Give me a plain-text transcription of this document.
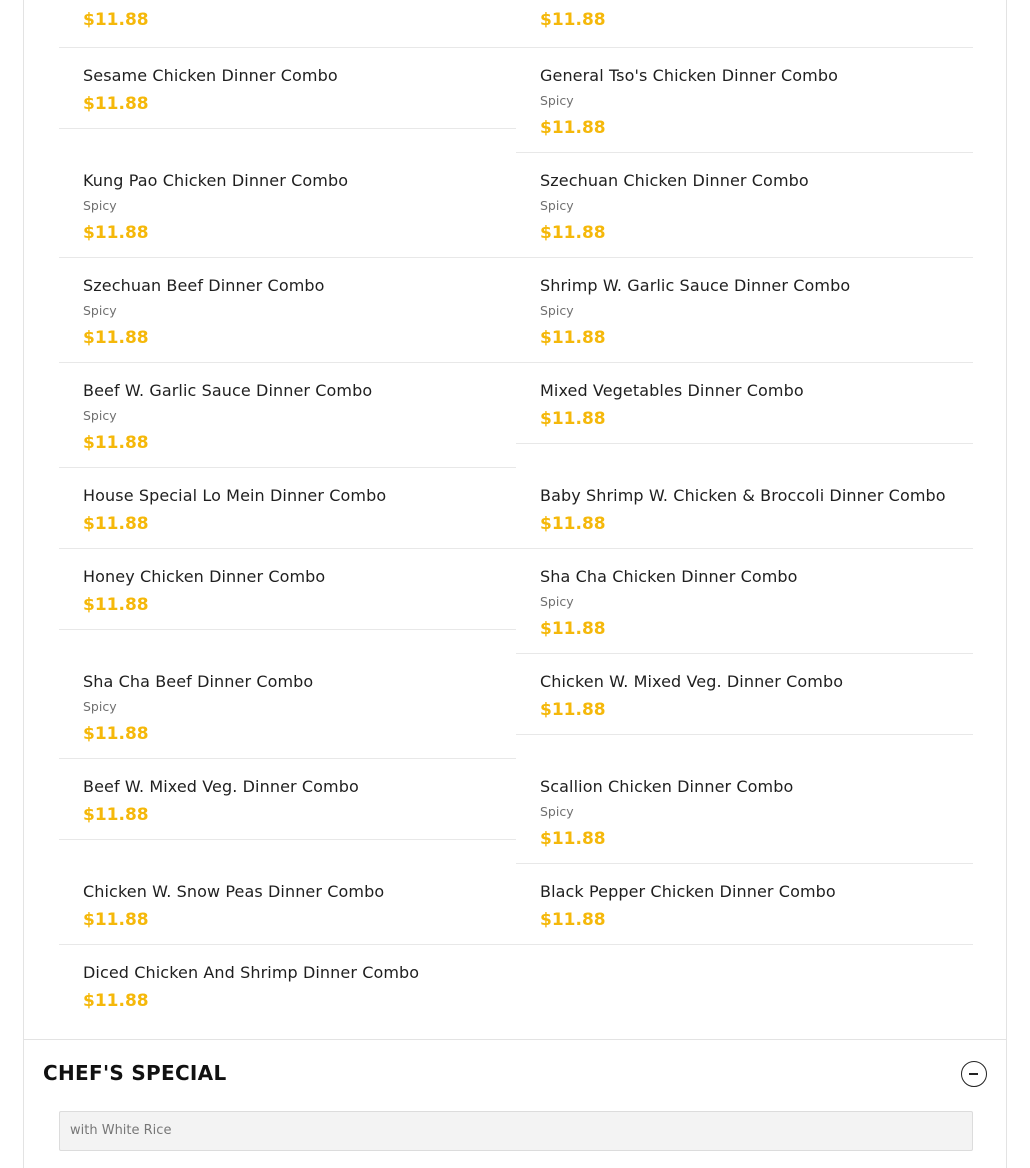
$11.88	$11.88
Sesame Chicken Dinner Combo
$11.88
General Tso's Chicken Dinner Combo
Spicy
$11.88
Kung Pao Chicken Dinner Combo
Spicy
$11.88
Szechuan Chicken Dinner Combo
Spicy
$11.88
Szechuan Beef Dinner Combo
Spicy
$11.88
Shrimp W. Garlic Sauce Dinner Combo
Spicy
$11.88
Beef W. Garlic Sauce Dinner Combo
Spicy
$11.88
Mixed Vegetables Dinner Combo
$11.88
House Special Lo Mein Dinner Combo
$11.88
Baby Shrimp W. Chicken & Broccoli Dinner Combo
$11.88
Honey Chicken Dinner Combo
$11.88
Sha Cha Chicken Dinner Combo
Spicy
$11.88
Sha Cha Beef Dinner Combo
Spicy
$11.88
Chicken W. Mixed Veg. Dinner Combo
$11.88
Beef W. Mixed Veg. Dinner Combo
$11.88
Scallion Chicken Dinner Combo
Spicy
$11.88
Chicken W. Snow Peas Dinner Combo
$11.88
Black Pepper Chicken Dinner Combo
$11.88
Diced Chicken And Shrimp Dinner Combo
$11.88
CHEF'S SPECIAL
with White Rice
